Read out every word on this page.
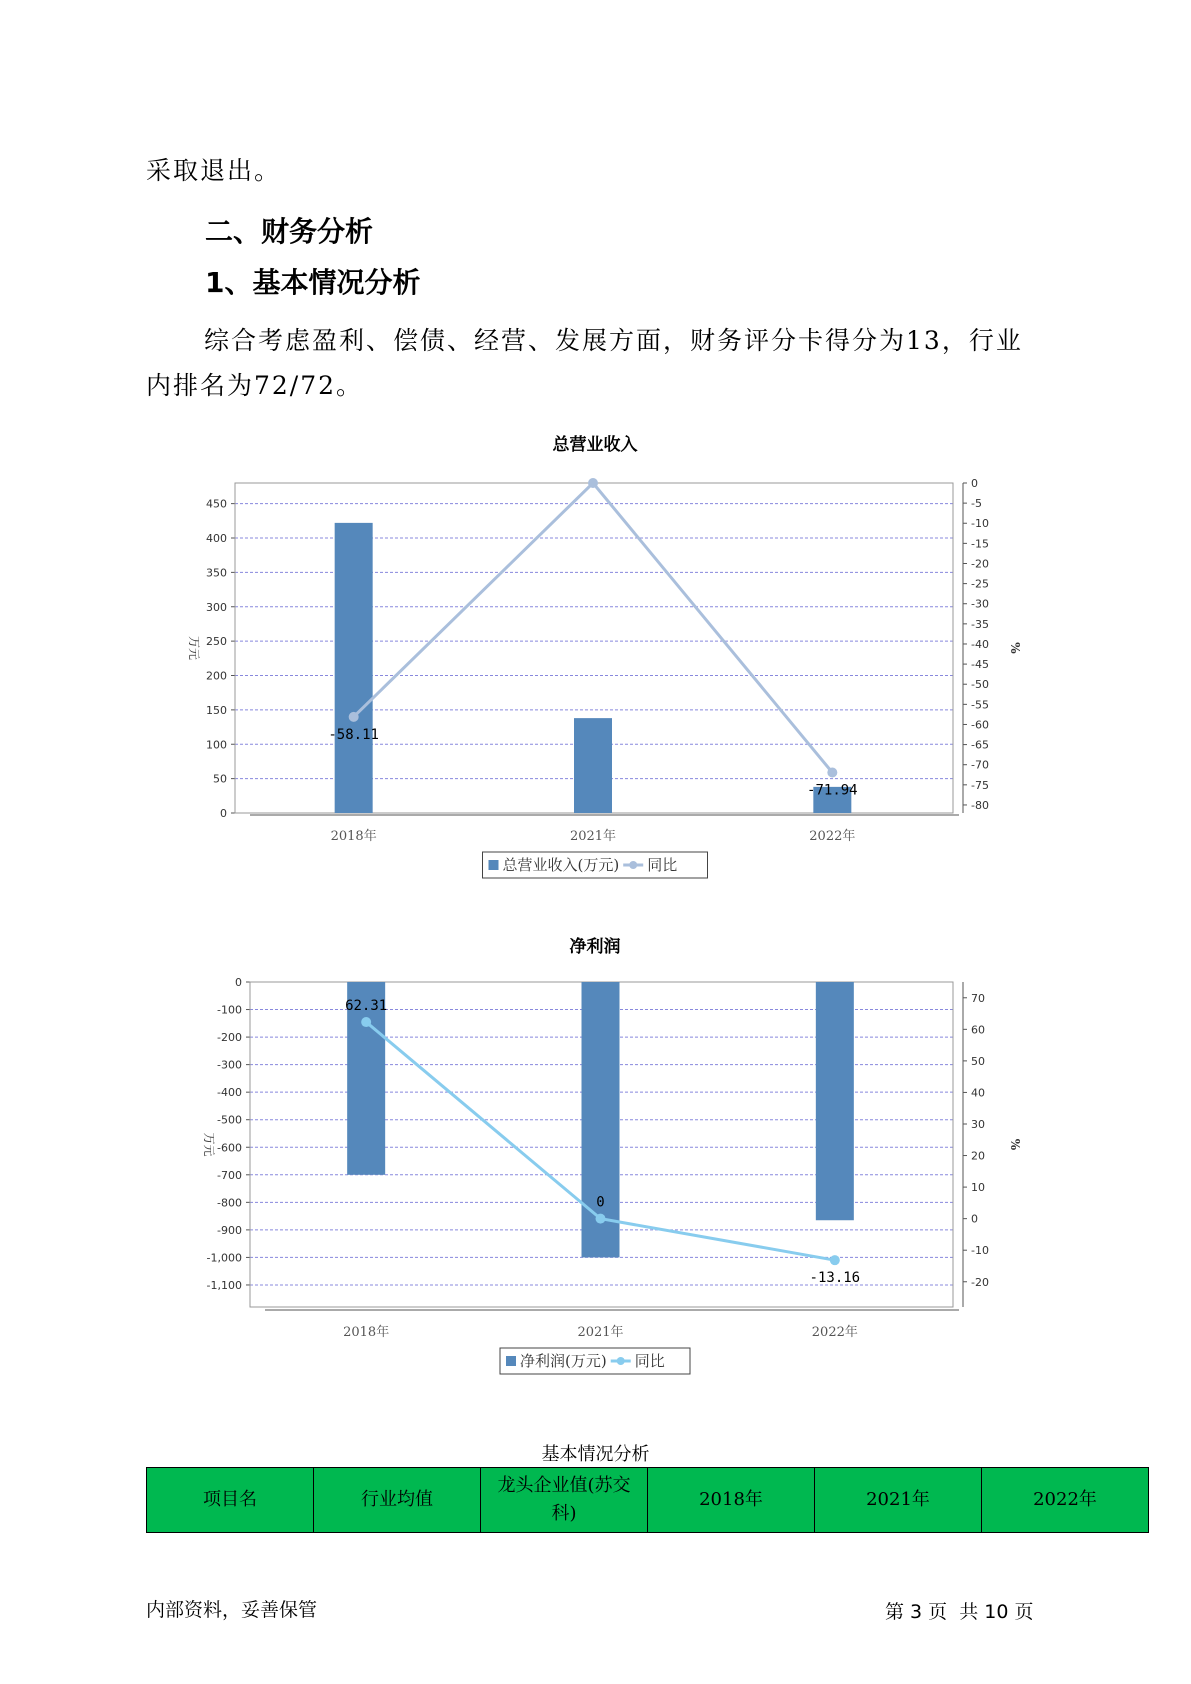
采取退出。
二、财务分析
1、基本情况分析
综合考虑盈利、偿债、经营、发展方面，财务评分卡得分为13，行业
内排名为72/72。
总营业收入
0
50
100
150
200
250
300
350
400
450
0
-5
-10
-15
-20
-25
-30
-35
-40
-45
-50
-55
-60
-65
-70
-75
-80
万元	%
2018年	2021年	2022年
-58.11
-71.94
总营业收入(万元) 同比
净利润
0
-100
-200
-300
-400
-500
-600
-700
-800
-900
-1,000
-1,100
70
60
50
40
30
20
10
0
-10
-20
万元	%
2018年	2021年	2022年
62.31
0
-13.16
净利润(万元) 同比
基本情况分析
项目名	行业均值	龙头企业值(苏交科)	2018年	2021年	2022年
内部资料，妥善保管	第 3 页  共 10 页
